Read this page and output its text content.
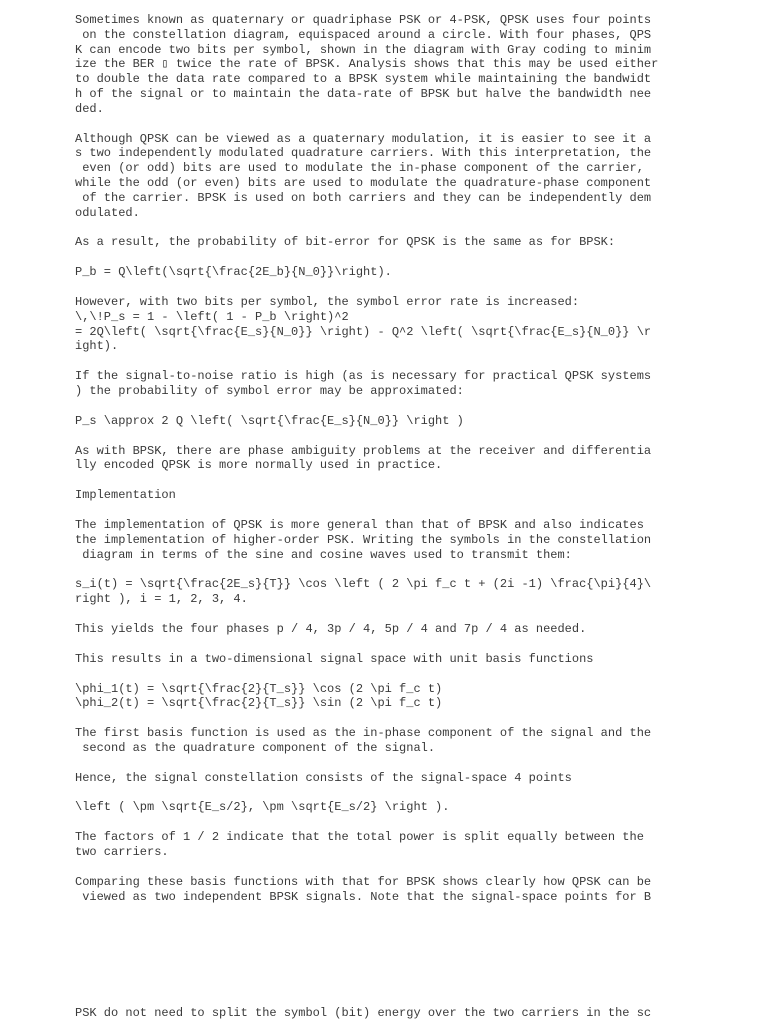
Sometimes known as quaternary or quadriphase PSK or 4-PSK, QPSK uses four points
on the constellation diagram, equispaced around a circle. With four phases, QPS
K can encode two bits per symbol, shown in the diagram with Gray coding to minim
ize the BER ▯ twice the rate of BPSK. Analysis shows that this may be used either
to double the data rate compared to a BPSK system while maintaining the bandwidt
h of the signal or to maintain the data-rate of BPSK but halve the bandwidth nee
ded.
Although QPSK can be viewed as a quaternary modulation, it is easier to see it a
s two independently modulated quadrature carriers. With this interpretation, the
even (or odd) bits are used to modulate the in-phase component of the carrier,
while the odd (or even) bits are used to modulate the quadrature-phase component
of the carrier. BPSK is used on both carriers and they can be independently dem
odulated.
As a result, the probability of bit-error for QPSK is the same as for BPSK:
P_b = Q\left(\sqrt{\frac{2E_b}{N_0}}\right).
However, with two bits per symbol, the symbol error rate is increased:
\,\!P_s = 1 - \left( 1 - P_b \right)^2
= 2Q\left( \sqrt{\frac{E_s}{N_0}} \right) - Q^2 \left( \sqrt{\frac{E_s}{N_0}} \r
ight).
If the signal-to-noise ratio is high (as is necessary for practical QPSK systems
) the probability of symbol error may be approximated:
P_s \approx 2 Q \left( \sqrt{\frac{E_s}{N_0}} \right )
As with BPSK, there are phase ambiguity problems at the receiver and differentia
lly encoded QPSK is more normally used in practice.
Implementation
The implementation of QPSK is more general than that of BPSK and also indicates
the implementation of higher-order PSK. Writing the symbols in the constellation
diagram in terms of the sine and cosine waves used to transmit them:
s_i(t) = \sqrt{\frac{2E_s}{T}} \cos \left ( 2 \pi f_c t + (2i -1) \frac{\pi}{4}\
right ), i = 1, 2, 3, 4.
This yields the four phases p / 4, 3p / 4, 5p / 4 and 7p / 4 as needed.
This results in a two-dimensional signal space with unit basis functions
\phi_1(t) = \sqrt{\frac{2}{T_s}} \cos (2 \pi f_c t)
\phi_2(t) = \sqrt{\frac{2}{T_s}} \sin (2 \pi f_c t)
The first basis function is used as the in-phase component of the signal and the
second as the quadrature component of the signal.
Hence, the signal constellation consists of the signal-space 4 points
\left ( \pm \sqrt{E_s/2}, \pm \sqrt{E_s/2} \right ).
The factors of 1 / 2 indicate that the total power is split equally between the
two carriers.
Comparing these basis functions with that for BPSK shows clearly how QPSK can be
viewed as two independent BPSK signals. Note that the signal-space points for B
PSK do not need to split the symbol (bit) energy over the two carriers in the sc
